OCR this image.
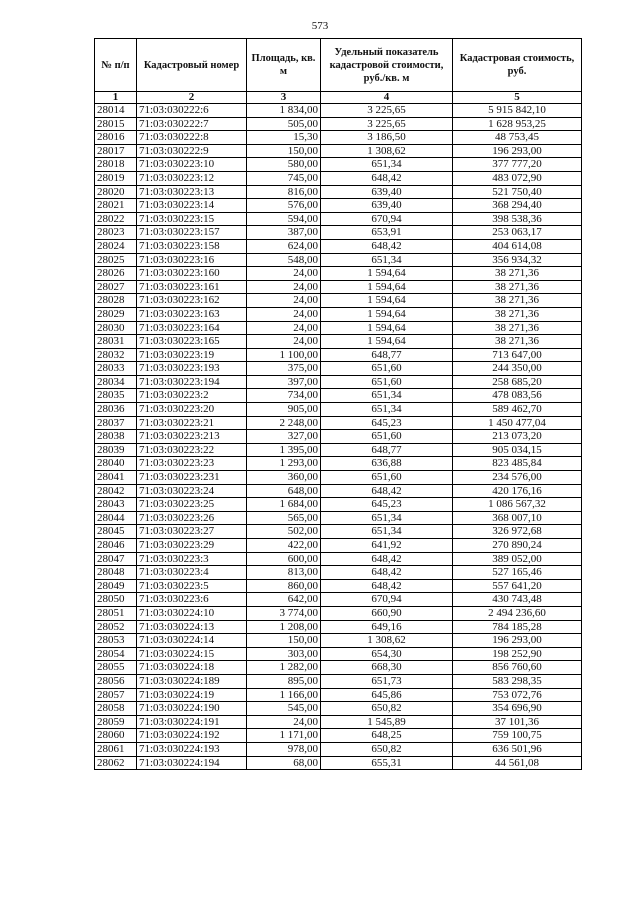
573
№ п/п	Кадастровый номер	Площадь, кв. м	Удельный показатель кадастровой стоимости, руб./кв. м	Кадастровая стоимость, руб.
1	2	3	4	5
28014	71:03:030222:6	1 834,00	3 225,65	5 915 842,10
28015	71:03:030222:7	505,00	3 225,65	1 628 953,25
28016	71:03:030222:8	15,30	3 186,50	48 753,45
28017	71:03:030222:9	150,00	1 308,62	196 293,00
28018	71:03:030223:10	580,00	651,34	377 777,20
28019	71:03:030223:12	745,00	648,42	483 072,90
28020	71:03:030223:13	816,00	639,40	521 750,40
28021	71:03:030223:14	576,00	639,40	368 294,40
28022	71:03:030223:15	594,00	670,94	398 538,36
28023	71:03:030223:157	387,00	653,91	253 063,17
28024	71:03:030223:158	624,00	648,42	404 614,08
28025	71:03:030223:16	548,00	651,34	356 934,32
28026	71:03:030223:160	24,00	1 594,64	38 271,36
28027	71:03:030223:161	24,00	1 594,64	38 271,36
28028	71:03:030223:162	24,00	1 594,64	38 271,36
28029	71:03:030223:163	24,00	1 594,64	38 271,36
28030	71:03:030223:164	24,00	1 594,64	38 271,36
28031	71:03:030223:165	24,00	1 594,64	38 271,36
28032	71:03:030223:19	1 100,00	648,77	713 647,00
28033	71:03:030223:193	375,00	651,60	244 350,00
28034	71:03:030223:194	397,00	651,60	258 685,20
28035	71:03:030223:2	734,00	651,34	478 083,56
28036	71:03:030223:20	905,00	651,34	589 462,70
28037	71:03:030223:21	2 248,00	645,23	1 450 477,04
28038	71:03:030223:213	327,00	651,60	213 073,20
28039	71:03:030223:22	1 395,00	648,77	905 034,15
28040	71:03:030223:23	1 293,00	636,88	823 485,84
28041	71:03:030223:231	360,00	651,60	234 576,00
28042	71:03:030223:24	648,00	648,42	420 176,16
28043	71:03:030223:25	1 684,00	645,23	1 086 567,32
28044	71:03:030223:26	565,00	651,34	368 007,10
28045	71:03:030223:27	502,00	651,34	326 972,68
28046	71:03:030223:29	422,00	641,92	270 890,24
28047	71:03:030223:3	600,00	648,42	389 052,00
28048	71:03:030223:4	813,00	648,42	527 165,46
28049	71:03:030223:5	860,00	648,42	557 641,20
28050	71:03:030223:6	642,00	670,94	430 743,48
28051	71:03:030224:10	3 774,00	660,90	2 494 236,60
28052	71:03:030224:13	1 208,00	649,16	784 185,28
28053	71:03:030224:14	150,00	1 308,62	196 293,00
28054	71:03:030224:15	303,00	654,30	198 252,90
28055	71:03:030224:18	1 282,00	668,30	856 760,60
28056	71:03:030224:189	895,00	651,73	583 298,35
28057	71:03:030224:19	1 166,00	645,86	753 072,76
28058	71:03:030224:190	545,00	650,82	354 696,90
28059	71:03:030224:191	24,00	1 545,89	37 101,36
28060	71:03:030224:192	1 171,00	648,25	759 100,75
28061	71:03:030224:193	978,00	650,82	636 501,96
28062	71:03:030224:194	68,00	655,31	44 561,08
